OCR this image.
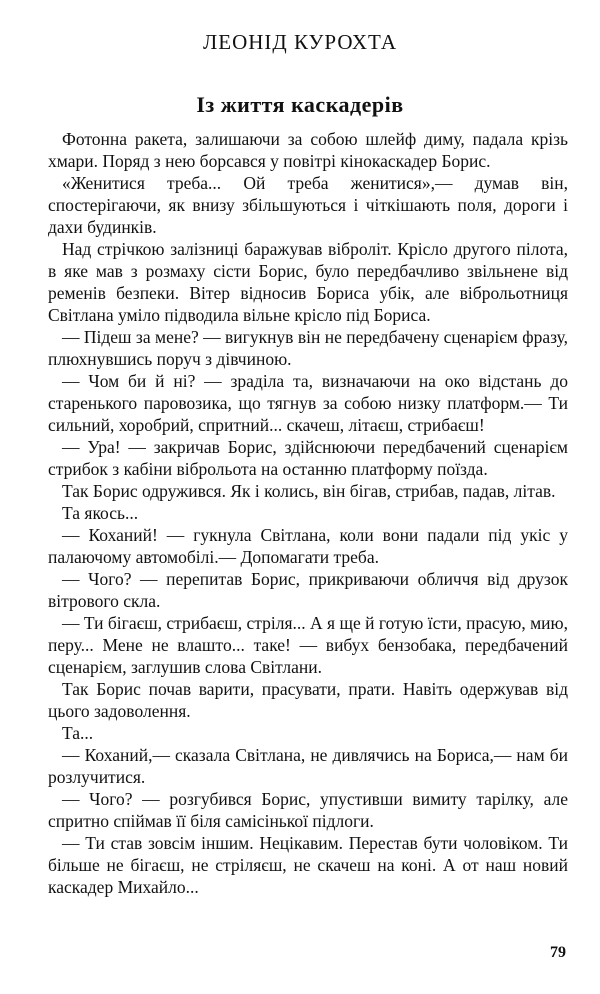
ЛЕОНІД КУРОХТА
Із життя каскадерів

Фотонна ракета, залишаючи за собою шлейф диму, падала крізь хмари. Поряд з нею борсався у повітрі кінокаскадер Борис.

«Женитися треба... Ой треба женитися»,— думав він, спостерігаючи, як внизу збільшуються і чіткішають поля, дороги і дахи будинків.

Над стрічкою залізниці баражував вібролiт. Крісло другого пілота, в яке мав з розмаху сісти Борис, було передбачливо звільнене від ременів безпеки. Вітер відносив Бориса убік, але віброльотниця Світлана уміло підводила вільне крісло під Бориса.

— Підеш за мене? — вигукнув він не передбачену сценарієм фразу, плюхнувшись поруч з дівчиною.

— Чом би й ні? — зраділа та, визначаючи на око відстань до старенького паровозика, що тягнув за собою низку платформ.— Ти сильний, хоробрий, спритний... скачеш, літаєш, стрибаєш!

— Ура! — закричав Борис, здійснюючи передбачений сценарієм стрибок з кабіни віброльота на останню платформу поїзда.

Так Борис одружився. Як і колись, він бігав, стрибав, падав, літав.

Та якось...

— Коханий! — гукнула Світлана, коли вони падали під укіс у палаючому автомобілі.— Допомагати треба.

— Чого? — перепитав Борис, прикриваючи обличчя від друзок вітрового скла.

— Ти бігаєш, стрибаєш, стріля... А я ще й готую їсти, прасую, мию, перу... Мене не влаштo... таке! — вибух бензобака, передбачений сценарієм, заглушив слова Світлани.

Так Борис почав варити, прасувати, прати. Навіть одержував від цього задоволення.

Та...

— Коханий,— сказала Світлана, не дивлячись на Бориса,— нам би розлучитися.

— Чого? — розгубився Борис, упустивши вимиту тарілку, але спритно спіймав її біля самісінької підлоги.

— Ти став зовсім іншим. Нецікавим. Перестав бути чоловіком. Ти більше не бігаєш, не стріляєш, не скачеш на коні. А от наш новий каскадер Михайло...

79
